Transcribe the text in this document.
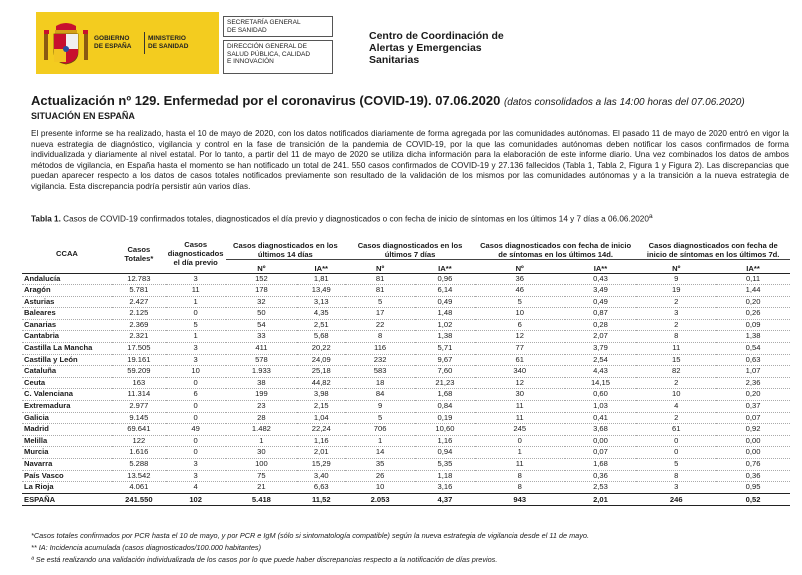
GOBIERNO
DE ESPAÑA
MINISTERIO
DE SANIDAD
SECRETARÍA GENERAL
DE SANIDAD
DIRECCIÓN GENERAL DE
SALUD PÚBLICA, CALIDAD
E INNOVACIÓN
Centro de Coordinación de
Alertas y Emergencias
Sanitarias
Actualización nº 129. Enfermedad por el coronavirus (COVID-19). 07.06.2020 (datos consolidados a las 14:00 horas del 07.06.2020)
SITUACIÓN EN ESPAÑA
El presente informe se ha realizado, hasta el 10 de mayo de 2020, con los datos notificados diariamente de forma agregada por las comunidades autónomas. El pasado 11 de mayo de 2020 entró en vigor la nueva estrategia de diagnóstico, vigilancia y control en la fase de transición de la pandemia de COVID-19, por la que las comunidades autónomas deben notificar los casos confirmados de forma individualizada y diariamente al nivel estatal. Por lo tanto, a partir del 11 de mayo de 2020 se utiliza dicha información para la elaboración de este informe diario. Una vez combinados los datos de ambos métodos de vigilancia, en España hasta el momento se han notificado un total de 241. 550 casos confirmados de COVID-19 y 27.136 fallecidos (Tabla 1, Tabla 2, Figura 1 y Figura 2). Las discrepancias que puedan aparecer respecto a los datos de casos totales notificados previamente son resultado de la validación de los mismos por las comunidades autónomas y a la transición a la nueva estrategia de vigilancia. Esta discrepancia podría persistir aún varios días.
Tabla 1. Casos de COVID-19 confirmados totales, diagnosticados el día previo y diagnosticados o con fecha de inicio de síntomas en los últimos 14 y 7 días a 06.06.2020$^a$
CCAA	Casos Totales*	Casos diagnosticados el día previo	Casos diagnosticados en los últimos 14 días		Casos diagnosticados en los últimos 7 días		Casos diagnosticados con fecha de inicio de síntomas en los últimos 14d.		Casos diagnosticados con fecha de inicio de síntomas en los últimos 7d.	
			Nº	IA**	Nº	IA**	Nº	IA**	Nº	IA**
Andalucía	12.783	3	152	1,81	81	0,96	36	0,43	9	0,11
Aragón	5.781	11	178	13,49	81	6,14	46	3,49	19	1,44
Asturias	2.427	1	32	3,13	5	0,49	5	0,49	2	0,20
Baleares	2.125	0	50	4,35	17	1,48	10	0,87	3	0,26
Canarias	2.369	5	54	2,51	22	1,02	6	0,28	2	0,09
Cantabria	2.321	1	33	5,68	8	1,38	12	2,07	8	1,38
Castilla La Mancha	17.505	3	411	20,22	116	5,71	77	3,79	11	0,54
Castilla y León	19.161	3	578	24,09	232	9,67	61	2,54	15	0,63
Cataluña	59.209	10	1.933	25,18	583	7,60	340	4,43	82	1,07
Ceuta	163	0	38	44,82	18	21,23	12	14,15	2	2,36
C. Valenciana	11.314	6	199	3,98	84	1,68	30	0,60	10	0,20
Extremadura	2.977	0	23	2,15	9	0,84	11	1,03	4	0,37
Galicia	9.145	0	28	1,04	5	0,19	11	0,41	2	0,07
Madrid	69.641	49	1.482	22,24	706	10,60	245	3,68	61	0,92
Melilla	122	0	1	1,16	1	1,16	0	0,00	0	0,00
Murcia	1.616	0	30	2,01	14	0,94	1	0,07	0	0,00
Navarra	5.288	3	100	15,29	35	5,35	11	1,68	5	0,76
País Vasco	13.542	3	75	3,40	26	1,18	8	0,36	8	0,36
La Rioja	4.061	4	21	6,63	10	3,16	8	2,53	3	0,95
ESPAÑA	241.550	102	5.418	11,52	2.053	4,37	943	2,01	246	0,52
*Casos totales confirmados por PCR hasta el 10 de mayo, y por PCR e IgM (sólo si sintomatología compatible) según la nueva estrategia de vigilancia desde el 11 de mayo.
** IA: Incidencia acumulada (casos diagnosticados/100.000 habitantes)
ª Se está realizando una validación individualizada de los casos por lo que puede haber discrepancias respecto a la notificación de días previos.
